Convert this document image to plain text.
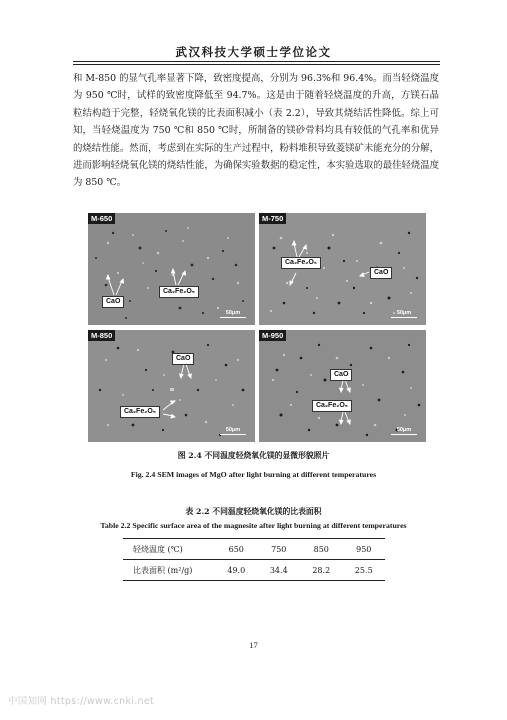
武汉科技大学硕士学位论文

和 M-850 的显气孔率显著下降，致密度提高，分别为 96.3%和 96.4%。而当轻烧温度为 950 ℃时，试样的致密度降低至 94.7%。这是由于随着轻烧温度的升高，方镁石晶粒结构趋于完整，轻烧氧化镁的比表面积减小（表 2.2），导致其烧结活性降低。综上可知，当轻烧温度为 750 ℃和 850 ℃时，所制备的镁砂骨料均具有较低的气孔率和优异的烧结性能。然而，考虑到在实际的生产过程中，粉料堆积导致菱镁矿未能充分的分解，进而影响轻烧氧化镁的烧结性能，为确保实验数据的稳定性，本实验选取的最佳轻烧温度为 850 ℃。

M-650
CaO
Ca₂Fe₂O₅
50μm
M-750
Ca₂Fe₂O₅
CaO
50μm
M-850
CaO
Ca₂Fe₂O₅
50μm
M-950
CaO
Ca₂Fe₂O₅
50μm
图 2.4 不同温度轻烧氧化镁的显微形貌照片
Fig. 2.4 SEM images of MgO after light burning at different temperatures
表 2.2 不同温度轻烧氧化镁的比表面积
Table 2.2 Specific surface area of the magnesite after light burning at different temperatures
轻烧温度 (℃)	650	750	850	950
比表面积 (m²/g)	49.0	34.4	28.2	25.5
17
中国知网 https://www.cnki.net
